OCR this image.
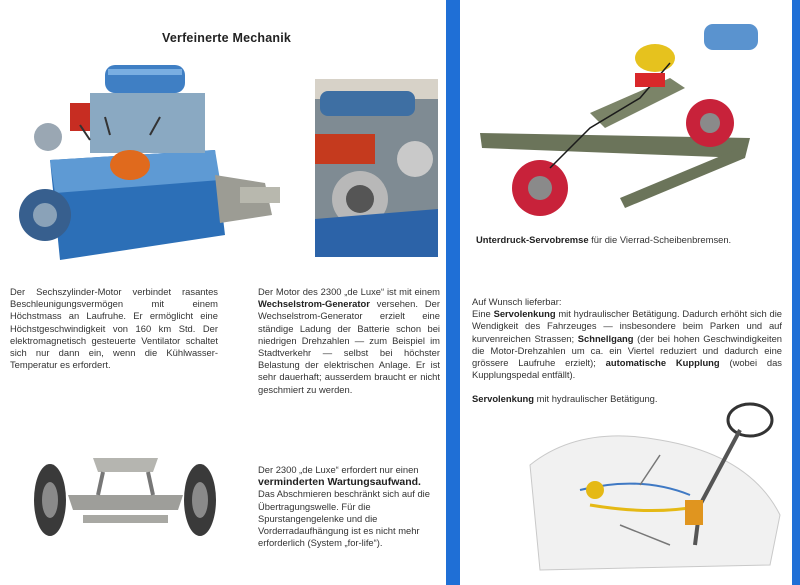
Verfeinerte Mechanik
Der Sechszylinder-Motor verbindet rasantes Beschleunigungsvermögen mit einem Höchstmass an Laufruhe. Er ermöglicht eine Höchstgeschwindigkeit von 160 km Std. Der elektromagnetisch gesteuerte Ventilator schaltet sich nur dann ein, wenn die Kühlwasser-Temperatur es erfordert.
Der Motor des 2300 „de Luxe“ ist mit einem Wechselstrom-Generator versehen. Der Wechselstrom-Generator erzielt eine ständige Ladung der Batterie schon bei niedrigen Drehzahlen — zum Beispiel im Stadtverkehr — selbst bei höchster Belastung der elektrischen Anlage. Er ist sehr dauerhaft; ausserdem braucht er nicht geschmiert zu werden.
Der 2300 „de Luxe“ erfordert nur einen verminderten Wartungsaufwand. Das Abschmieren beschränkt sich auf die Übertragungswelle. Für die Spurstangengelenke und die Vorderradaufhängung ist es nicht mehr erforderlich (System „for-life“).
Unterdruck-Servobremse für die Vierrad-Scheibenbremsen.
Auf Wunsch lieferbar:
Eine Servolenkung mit hydraulischer Betätigung. Dadurch erhöht sich die Wendigkeit des Fahrzeuges — insbesondere beim Parken und auf kurvenreichen Strassen; Schnellgang (der bei hohen Geschwindigkeiten die Motor-Drehzahlen um ca. ein Viertel reduziert und dadurch eine grössere Laufruhe erzielt); automatische Kupplung (wobei das Kupplungspedal entfällt).
Servolenkung mit hydraulischer Betätigung.
